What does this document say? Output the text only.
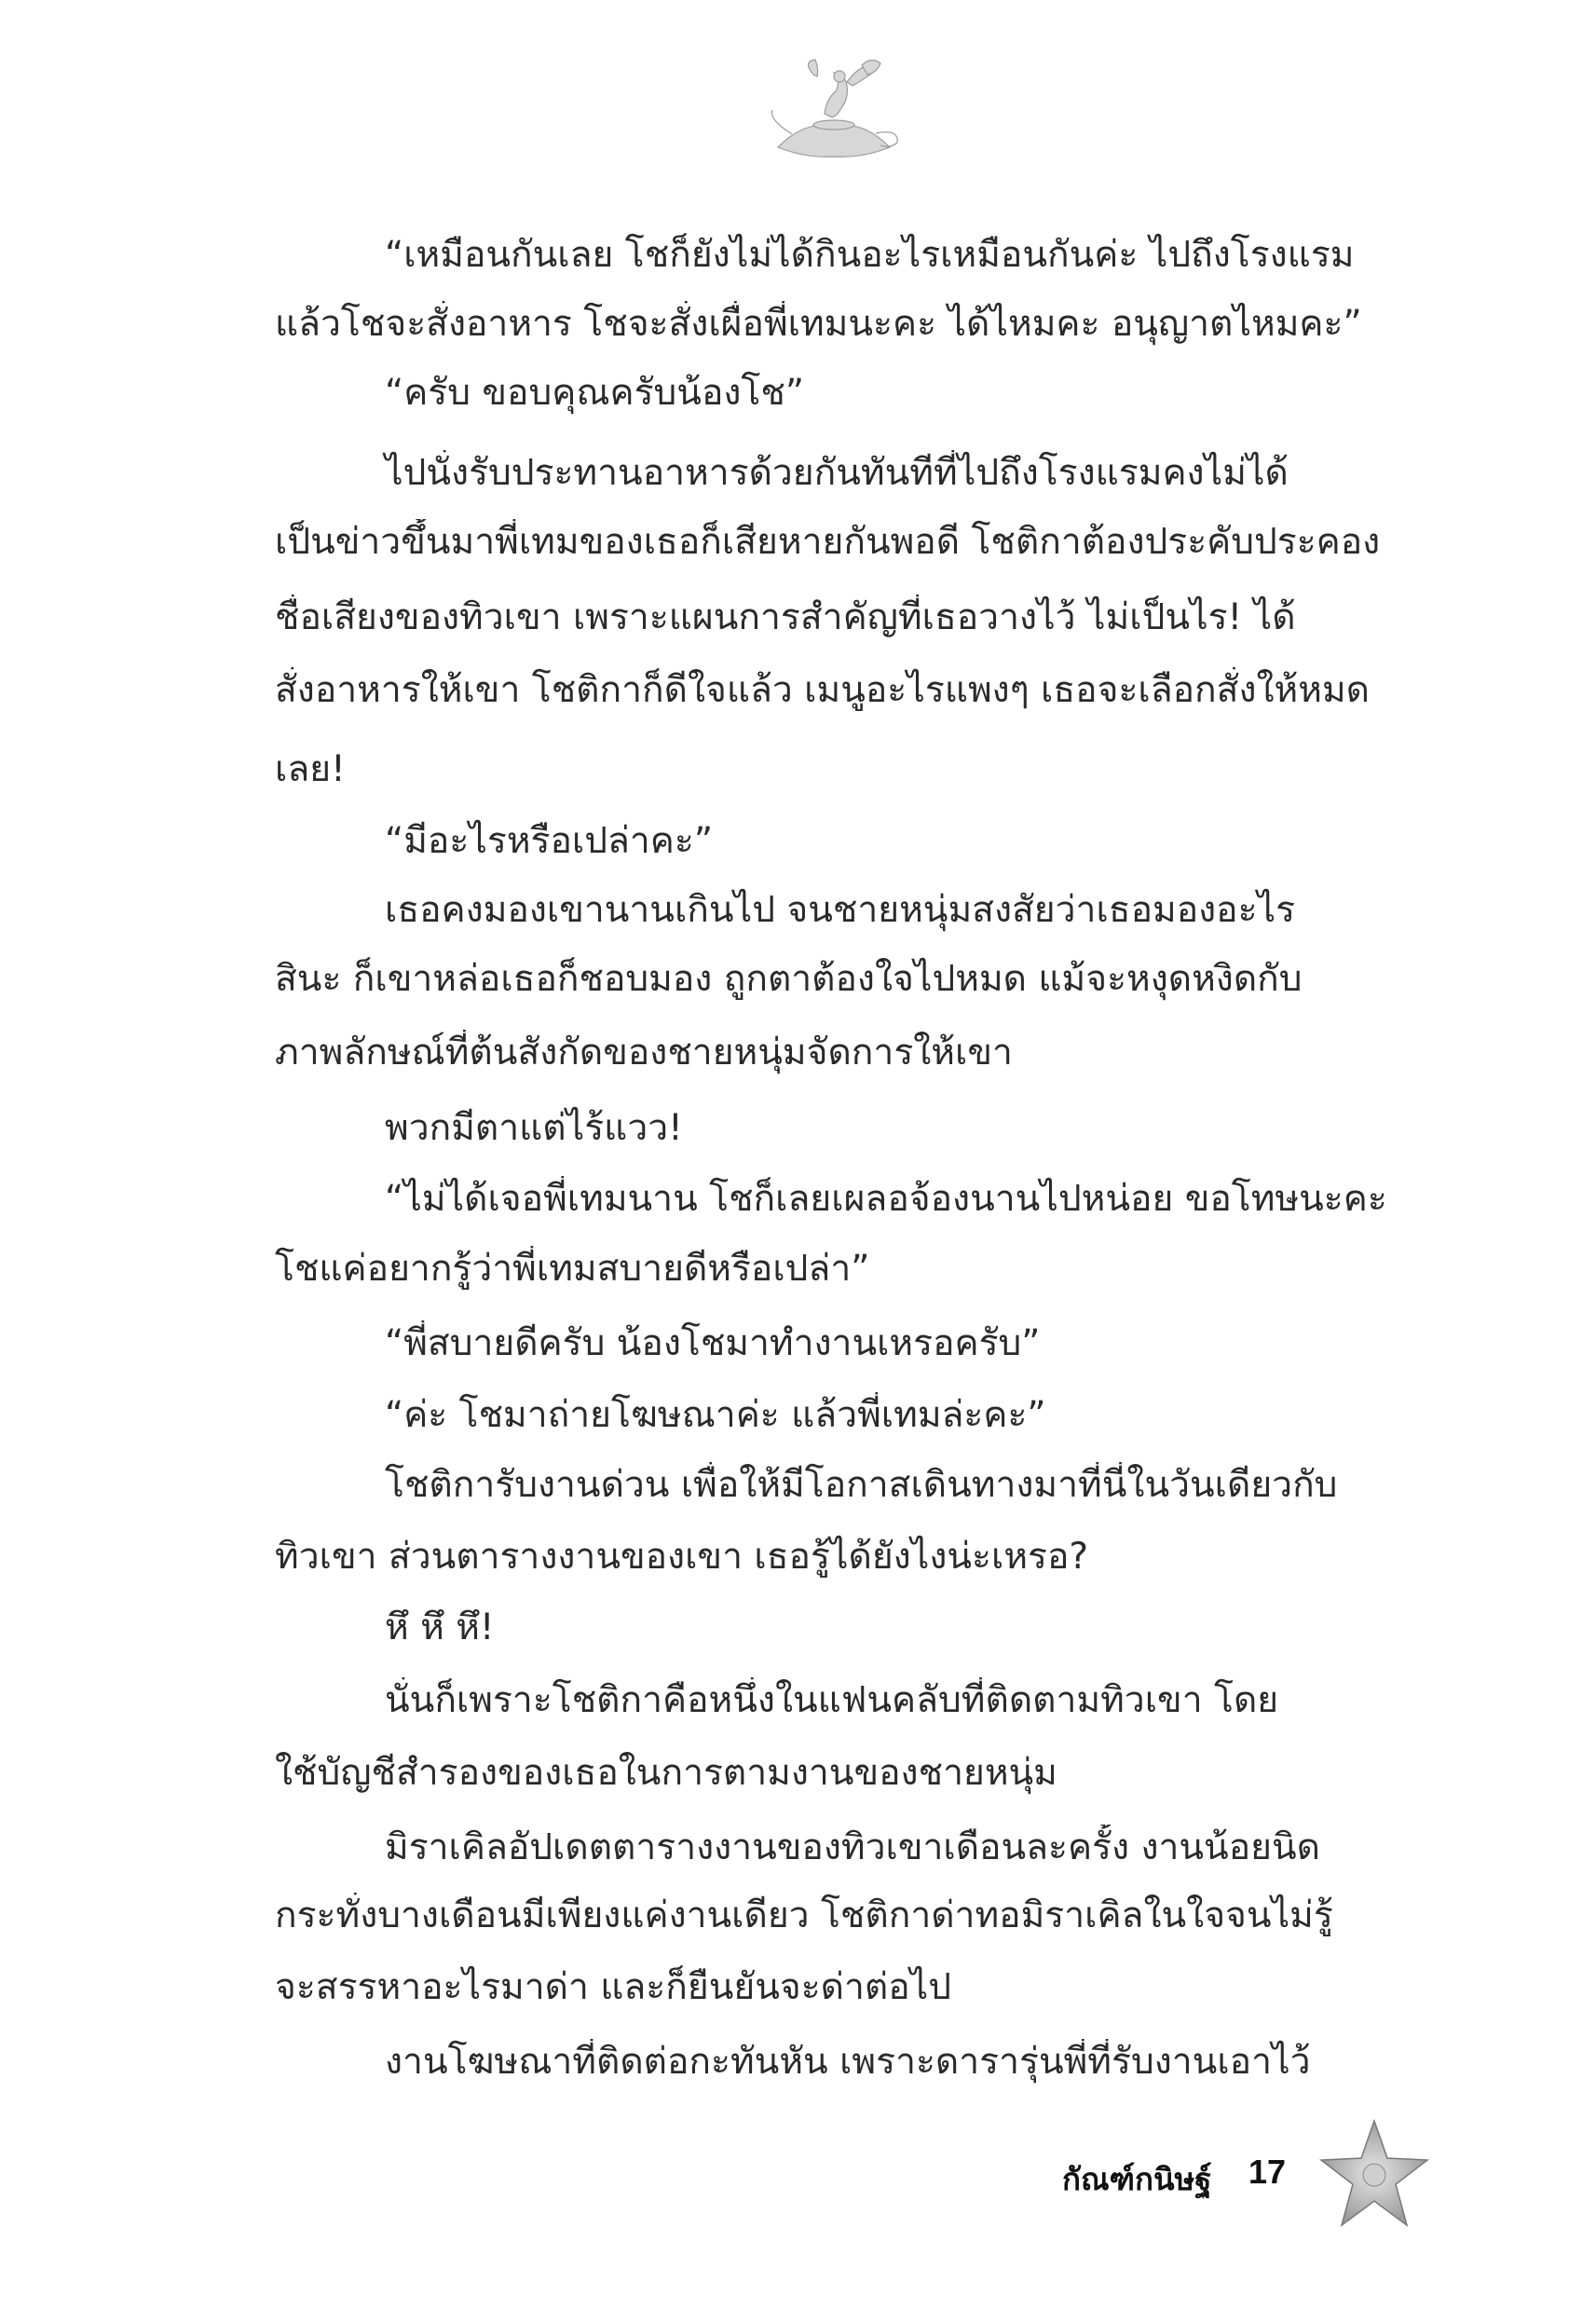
“เหมือนกันเลย โชก็ยังไม่ได้กินอะไรเหมือนกันค่ะ ไปถึงโรงแรม
แล้วโชจะสั่งอาหาร โชจะสั่งเผื่อพี่เทมนะคะ ได้ไหมคะ อนุญาตไหมคะ”
“ครับ ขอบคุณครับน้องโช”
ไปนั่งรับประทานอาหารด้วยกันทันทีที่ไปถึงโรงแรมคงไม่ได้
เป็นข่าวขึ้นมาพี่เทมของเธอก็เสียหายกันพอดี โชติกาต้องประคับประคอง
ชื่อเสียงของทิวเขา เพราะแผนการสำคัญที่เธอวางไว้ ไม่เป็นไร! ได้
สั่งอาหารให้เขา โชติกาก็ดีใจแล้ว เมนูอะไรแพงๆ เธอจะเลือกสั่งให้หมด
เลย!
“มีอะไรหรือเปล่าคะ”
เธอคงมองเขานานเกินไป จนชายหนุ่มสงสัยว่าเธอมองอะไร
สินะ ก็เขาหล่อเธอก็ชอบมอง ถูกตาต้องใจไปหมด แม้จะหงุดหงิดกับ
ภาพลักษณ์ที่ต้นสังกัดของชายหนุ่มจัดการให้เขา
พวกมีตาแต่ไร้แวว!
“ไม่ได้เจอพี่เทมนาน โชก็เลยเผลอจ้องนานไปหน่อย ขอโทษนะคะ
โชแค่อยากรู้ว่าพี่เทมสบายดีหรือเปล่า”
“พี่สบายดีครับ น้องโชมาทำงานเหรอครับ”
“ค่ะ โชมาถ่ายโฆษณาค่ะ แล้วพี่เทมล่ะคะ”
โชติการับงานด่วน เพื่อให้มีโอกาสเดินทางมาที่นี่ในวันเดียวกับ
ทิวเขา ส่วนตารางงานของเขา เธอรู้ได้ยังไงน่ะเหรอ?
หึ หึ หึ!
นั่นก็เพราะโชติกาคือหนึ่งในแฟนคลับที่ติดตามทิวเขา โดย
ใช้บัญชีสำรองของเธอในการตามงานของชายหนุ่ม
มิราเคิลอัปเดตตารางงานของทิวเขาเดือนละครั้ง งานน้อยนิด
กระทั่งบางเดือนมีเพียงแค่งานเดียว โชติกาด่าทอมิราเคิลในใจจนไม่รู้
จะสรรหาอะไรมาด่า และก็ยืนยันจะด่าต่อไป
งานโฆษณาที่ติดต่อกะทันหัน เพราะดารารุ่นพี่ที่รับงานเอาไว้
กัณฑ์กนิษฐ์ 17
